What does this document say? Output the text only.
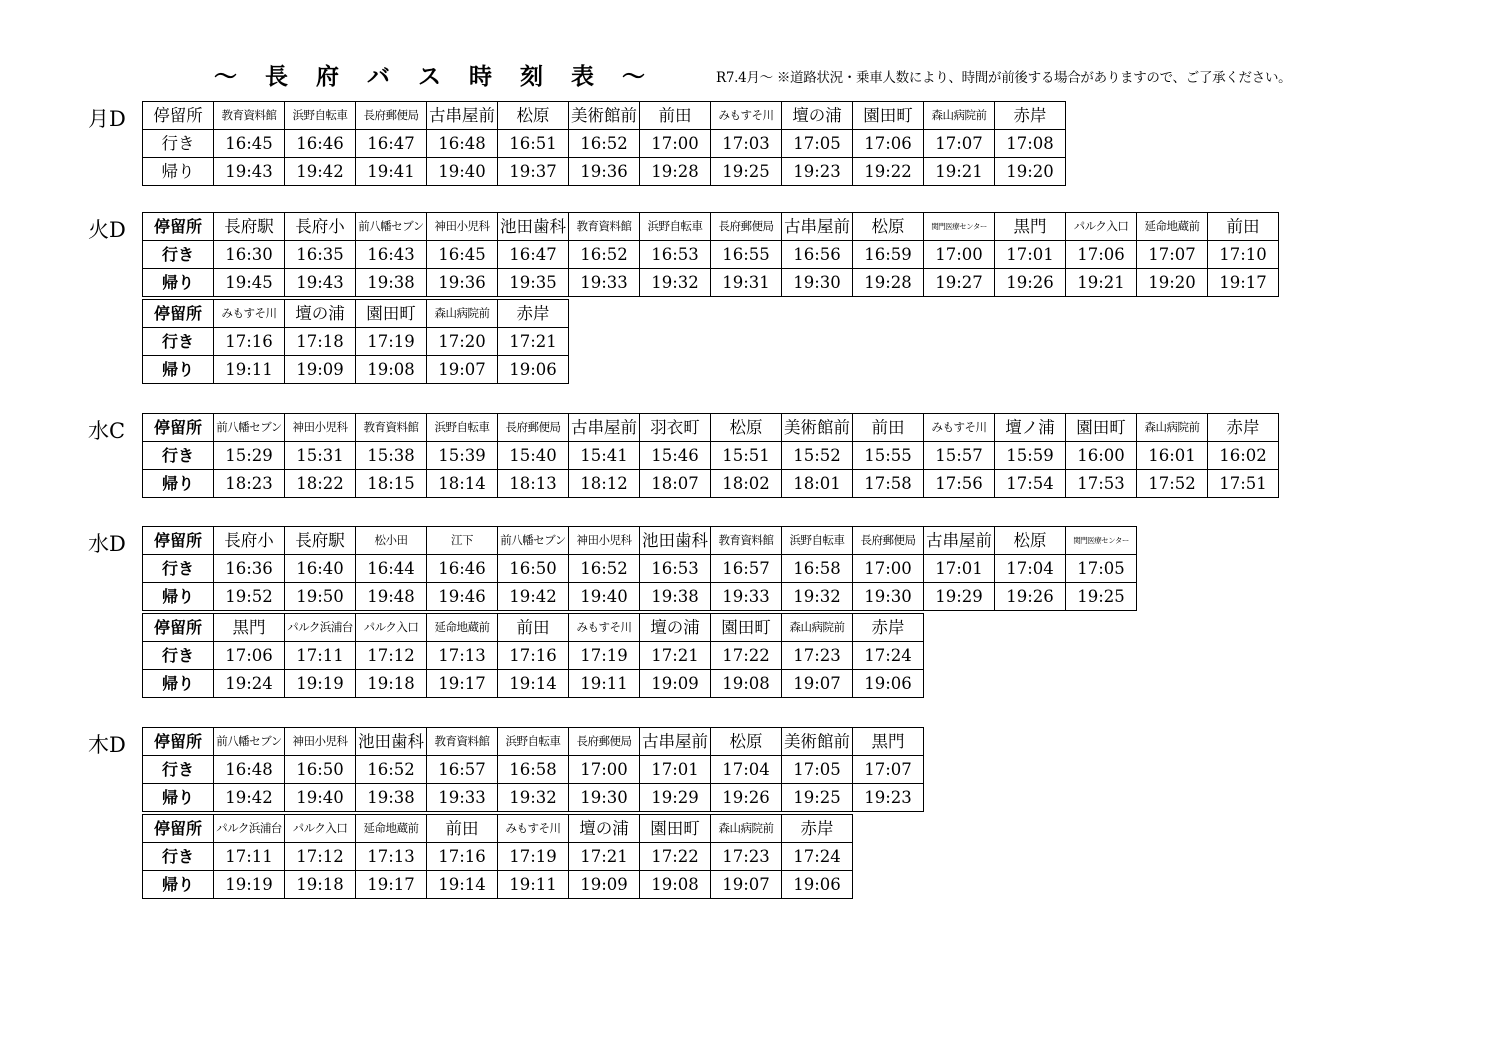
～ 長 府 バ ス 時 刻 表 ～	R7.4月～ ※道路状況・乗車人数により、時間が前後する場合がありますので、ご了承ください。
月D 停留所	教育資料館	浜野自転車	長府郵便局	古串屋前	松原	美術館前	前田	みもすそ川	壇の浦	園田町	森山病院前	赤岸
行き	16:45	16:46	16:47	16:48	16:51	16:52	17:00	17:03	17:05	17:06	17:07	17:08
帰り	19:43	19:42	19:41	19:40	19:37	19:36	19:28	19:25	19:23	19:22	19:21	19:20
火D 停留所	長府駅	長府小	前八幡セブン	神田小児科	池田歯科	教育資料館	浜野自転車	長府郵便局	古串屋前	松原	関門医療センター	黒門	パルク入口	延命地蔵前	前田
行き	16:30	16:35	16:43	16:45	16:47	16:52	16:53	16:55	16:56	16:59	17:00	17:01	17:06	17:07	17:10
帰り	19:45	19:43	19:38	19:36	19:35	19:33	19:32	19:31	19:30	19:28	19:27	19:26	19:21	19:20	19:17
停留所	みもすそ川	壇の浦	園田町	森山病院前	赤岸
行き	17:16	17:18	17:19	17:20	17:21
帰り	19:11	19:09	19:08	19:07	19:06
水C 停留所	前八幡セブン	神田小児科	教育資料館	浜野自転車	長府郵便局	古串屋前	羽衣町	松原	美術館前	前田	みもすそ川	壇ノ浦	園田町	森山病院前	赤岸
行き	15:29	15:31	15:38	15:39	15:40	15:41	15:46	15:51	15:52	15:55	15:57	15:59	16:00	16:01	16:02
帰り	18:23	18:22	18:15	18:14	18:13	18:12	18:07	18:02	18:01	17:58	17:56	17:54	17:53	17:52	17:51
水D 停留所	長府小	長府駅	松小田	江下	前八幡セブン	神田小児科	池田歯科	教育資料館	浜野自転車	長府郵便局	古串屋前	松原	関門医療センター
行き	16:36	16:40	16:44	16:46	16:50	16:52	16:53	16:57	16:58	17:00	17:01	17:04	17:05
帰り	19:52	19:50	19:48	19:46	19:42	19:40	19:38	19:33	19:32	19:30	19:29	19:26	19:25
停留所	黒門	パルク浜浦台	パルク入口	延命地蔵前	前田	みもすそ川	壇の浦	園田町	森山病院前	赤岸
行き	17:06	17:11	17:12	17:13	17:16	17:19	17:21	17:22	17:23	17:24
帰り	19:24	19:19	19:18	19:17	19:14	19:11	19:09	19:08	19:07	19:06
木D 停留所	前八幡セブン	神田小児科	池田歯科	教育資料館	浜野自転車	長府郵便局	古串屋前	松原	美術館前	黒門
行き	16:48	16:50	16:52	16:57	16:58	17:00	17:01	17:04	17:05	17:07
帰り	19:42	19:40	19:38	19:33	19:32	19:30	19:29	19:26	19:25	19:23
停留所	パルク浜浦台	パルク入口	延命地蔵前	前田	みもすそ川	壇の浦	園田町	森山病院前	赤岸
行き	17:11	17:12	17:13	17:16	17:19	17:21	17:22	17:23	17:24
帰り	19:19	19:18	19:17	19:14	19:11	19:09	19:08	19:07	19:06
